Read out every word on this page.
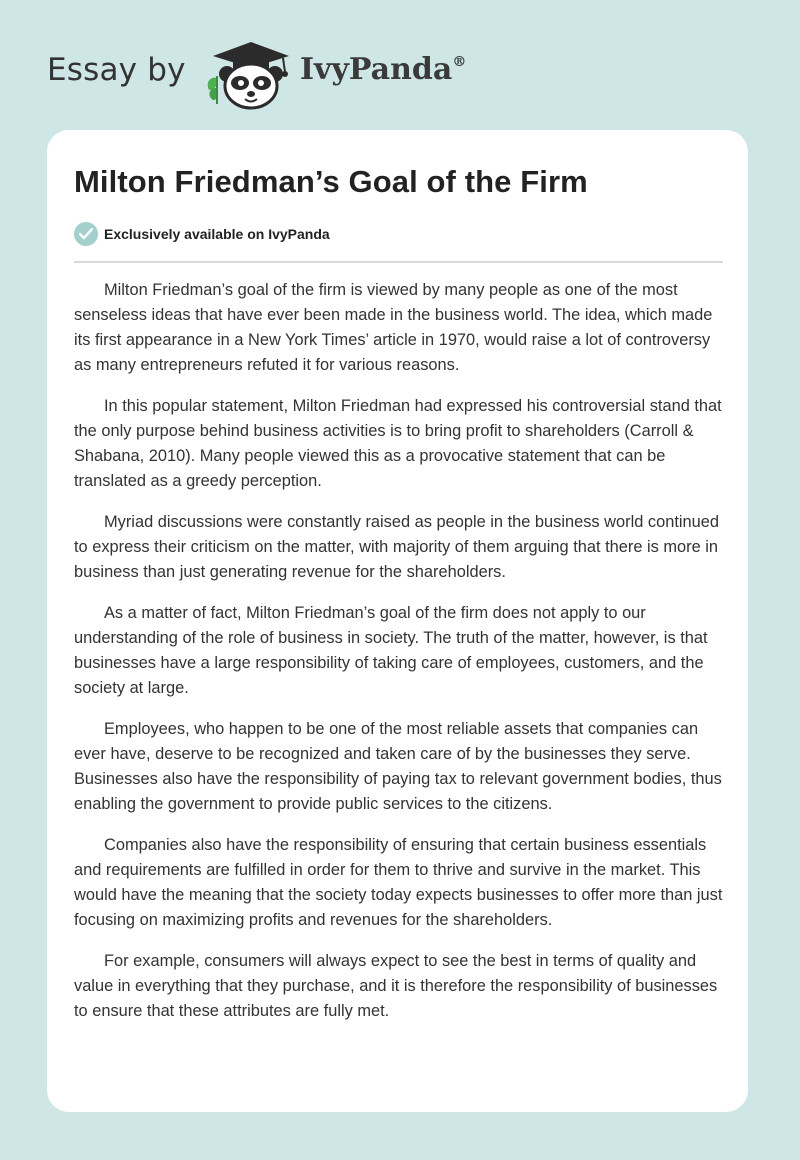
Essay by	IvyPanda®
Milton Friedman’s Goal of the Firm
Exclusively available on IvyPanda

Milton Friedman’s goal of the firm is viewed by many people as one of the most senseless ideas that have ever been made in the business world. The idea, which made its first appearance in a New York Times’ article in 1970, would raise a lot of controversy as many entrepreneurs refuted it for various reasons.

In this popular statement, Milton Friedman had expressed his controversial stand that the only purpose behind business activities is to bring profit to shareholders (Carroll & Shabana, 2010). Many people viewed this as a provocative statement that can be translated as a greedy perception.

Myriad discussions were constantly raised as people in the business world continued to express their criticism on the matter, with majority of them arguing that there is more in business than just generating revenue for the shareholders.

As a matter of fact, Milton Friedman’s goal of the firm does not apply to our understanding of the role of business in society. The truth of the matter, however, is that businesses have a large responsibility of taking care of employees, customers, and the society at large.

Employees, who happen to be one of the most reliable assets that companies can ever have, deserve to be recognized and taken care of by the businesses they serve. Businesses also have the responsibility of paying tax to relevant government bodies, thus enabling the government to provide public services to the citizens.

Companies also have the responsibility of ensuring that certain business essentials and requirements are fulfilled in order for them to thrive and survive in the market. This would have the meaning that the society today expects businesses to offer more than just focusing on maximizing profits and revenues for the shareholders.

For example, consumers will always expect to see the best in terms of quality and value in everything that they purchase, and it is therefore the responsibility of businesses to ensure that these attributes are fully met.
